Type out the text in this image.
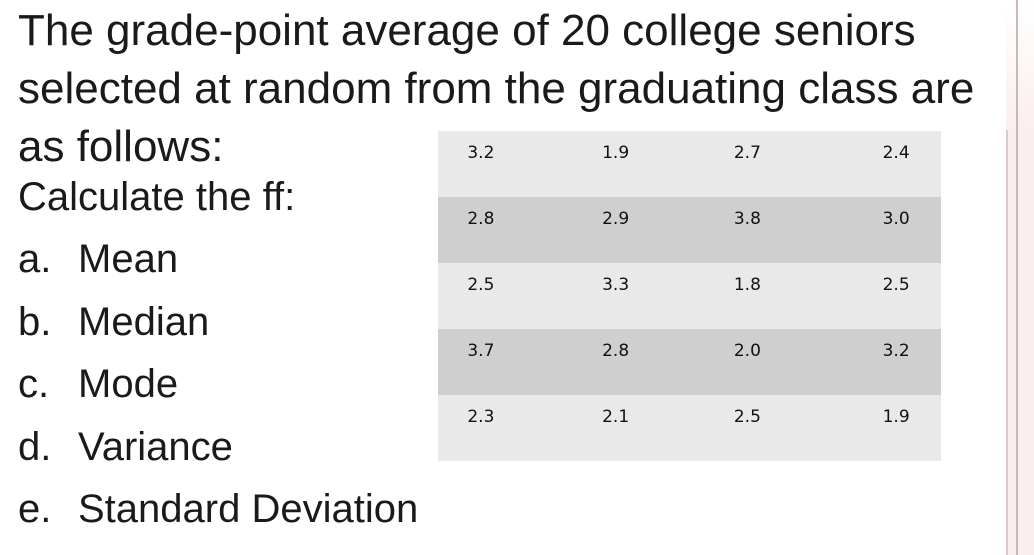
The grade-point average of 20 college seniors selected at random from the graduating class are as follows:

Calculate the ff:

a. Mean
b. Median
c. Mode
d. Variance
e. Standard Deviation
3.2	1.9	2.7	2.4
2.8	2.9	3.8	3.0
2.5	3.3	1.8	2.5
3.7	2.8	2.0	3.2
2.3	2.1	2.5	1.9
